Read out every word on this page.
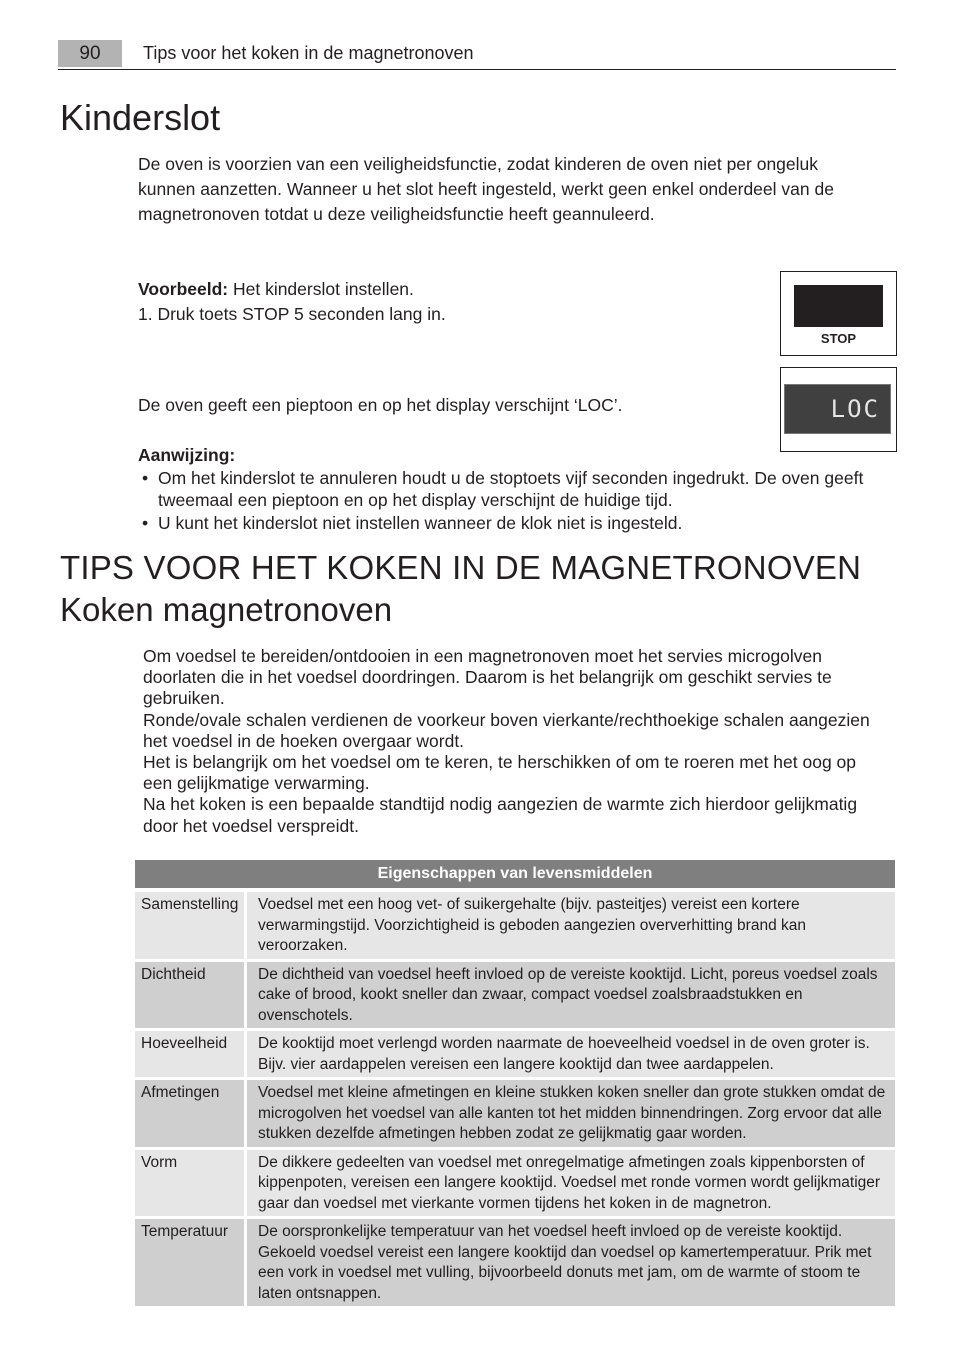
90	Tips voor het koken in de magnetronoven
Kinderslot
De oven is voorzien van een veiligheidsfunctie, zodat kinderen de oven niet per ongeluk kunnen aanzetten. Wanneer u het slot heeft ingesteld, werkt geen enkel onderdeel van de magnetronoven totdat u deze veiligheidsfunctie heeft geannuleerd.
Voorbeeld: Het kinderslot instellen.
1. Druk toets STOP 5 seconden lang in.
STOP
De oven geeft een pieptoon en op het display verschijnt ‘LOC’.	LOC
Aanwijzing:
• Om het kinderslot te annuleren houdt u de stoptoets vijf seconden ingedrukt. De oven geeft tweemaal een pieptoon en op het display verschijnt de huidige tijd.
• U kunt het kinderslot niet instellen wanneer de klok niet is ingesteld.
TIPS VOOR HET KOKEN IN DE MAGNETRONOVEN
Koken magnetronoven

Om voedsel te bereiden/ontdooien in een magnetronoven moet het servies microgolven doorlaten die in het voedsel doordringen. Daarom is het belangrijk om geschikt servies te gebruiken.

Ronde/ovale schalen verdienen de voorkeur boven vierkante/rechthoekige schalen aangezien het voedsel in de hoeken overgaar wordt.

Het is belangrijk om het voedsel om te keren, te herschikken of om te roeren met het oog op een gelijkmatige verwarming.

Na het koken is een bepaalde standtijd nodig aangezien de warmte zich hierdoor gelijkmatig door het voedsel verspreidt.

Eigenschappen van levensmiddelen
Samenstelling	Voedsel met een hoog vet- of suikergehalte (bijv. pasteitjes) vereist een kortere verwarmingstijd. Voorzichtigheid is geboden aangezien oververhitting brand kan veroorzaken.
Dichtheid	De dichtheid van voedsel heeft invloed op de vereiste kooktijd. Licht, poreus voedsel zoals cake of brood, kookt sneller dan zwaar, compact voedsel zoalsbraadstukken en ovenschotels.
Hoeveelheid	De kooktijd moet verlengd worden naarmate de hoeveelheid voedsel in de oven groter is. Bijv. vier aardappelen vereisen een langere kooktijd dan twee aardappelen.
Afmetingen	Voedsel met kleine afmetingen en kleine stukken koken sneller dan grote stukken omdat de microgolven het voedsel van alle kanten tot het midden binnendringen. Zorg ervoor dat alle stukken dezelfde afmetingen hebben zodat ze gelijkmatig gaar worden.
Vorm	De dikkere gedeelten van voedsel met onregelmatige afmetingen zoals kippenborsten of kippenpoten, vereisen een langere kooktijd. Voedsel met ronde vormen wordt gelijkmatiger gaar dan voedsel met vierkante vormen tijdens het koken in de magnetron.
Temperatuur	De oorspronkelijke temperatuur van het voedsel heeft invloed op de vereiste kooktijd. Gekoeld voedsel vereist een langere kooktijd dan voedsel op kamertemperatuur. Prik met een vork in voedsel met vulling, bijvoorbeeld donuts met jam, om de warmte of stoom te laten ontsnappen.
